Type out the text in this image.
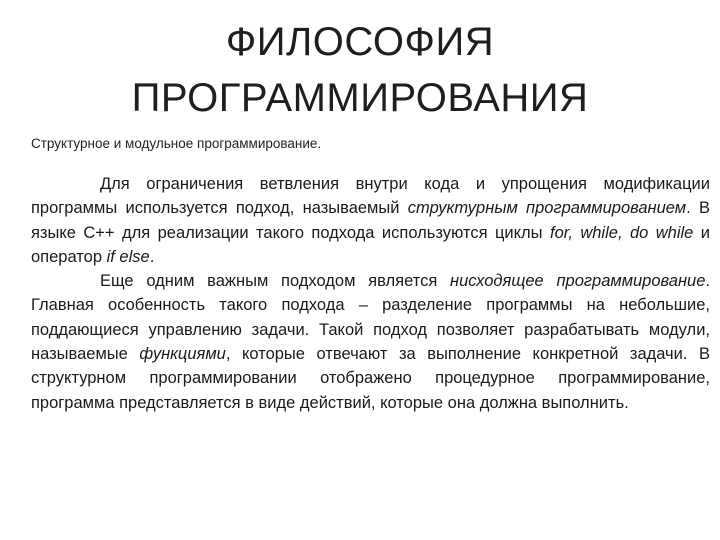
ФИЛОСОФИЯ
ПРОГРАММИРОВАНИЯ
Структурное и модульное программирование.

Для ограничения ветвления внутри кода и упрощения модификации программы используется подход, называемый структурным программированием. В языке C++ для реализации такого подхода используются циклы for, while, do while и оператор if else.

Еще одним важным подходом является нисходящее программирование. Главная особенность такого подхода – разделение программы на небольшие, поддающиеся управлению задачи. Такой подход позволяет разрабатывать модули, называемые функциями, которые отвечают за выполнение конкретной задачи. В структурном программировании отображено процедурное программирование, программа представляется в виде действий, которые она должна выполнить.
